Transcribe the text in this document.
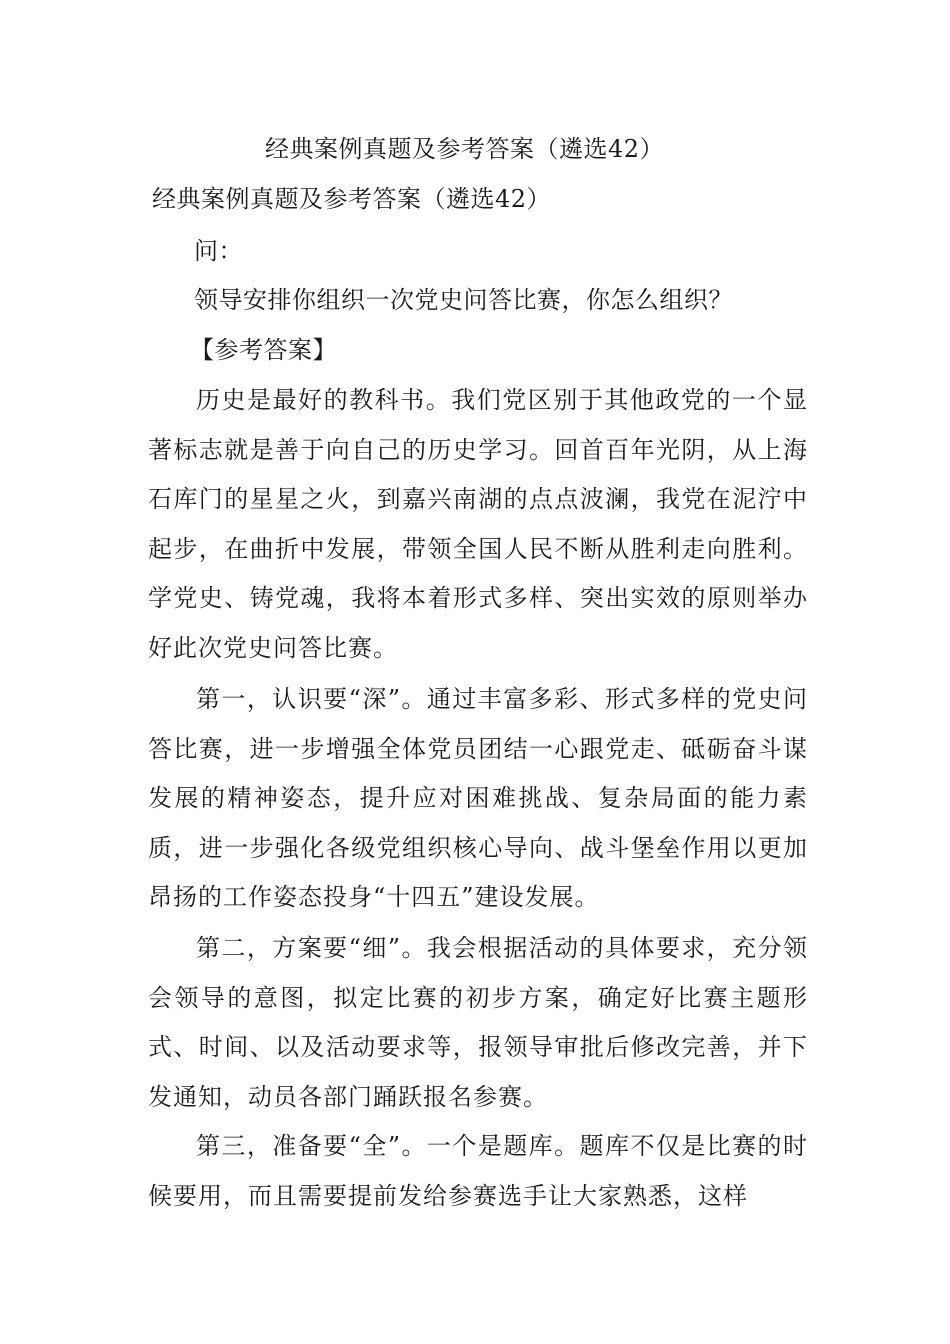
经典案例真题及参考答案（遴选42）
经典案例真题及参考答案（遴选42）
问：
领导安排你组织一次党史问答比赛，你怎么组织？
【参考答案】

历史是最好的教科书。我们党区别于其他政党的一个显著标志就是善于向自己的历史学习。回首百年光阴，从上海石库门的星星之火，到嘉兴南湖的点点波澜，我党在泥泞中起步，在曲折中发展，带领全国人民不断从胜利走向胜利。学党史、铸党魂，我将本着形式多样、突出实效的原则举办好此次党史问答比赛。

第一，认识要“深”。通过丰富多彩、形式多样的党史问答比赛，进一步增强全体党员团结一心跟党走、砥砺奋斗谋发展的精神姿态，提升应对困难挑战、复杂局面的能力素质，进一步强化各级党组织核心导向、战斗堡垒作用以更加昂扬的工作姿态投身“十四五”建设发展。

第二，方案要“细”。我会根据活动的具体要求，充分领会领导的意图，拟定比赛的初步方案，确定好比赛主题形式、时间、以及活动要求等，报领导审批后修改完善，并下发通知，动员各部门踊跃报名参赛。

第三，准备要“全”。一个是题库。题库不仅是比赛的时候要用，而且需要提前发给参赛选手让大家熟悉，这样
